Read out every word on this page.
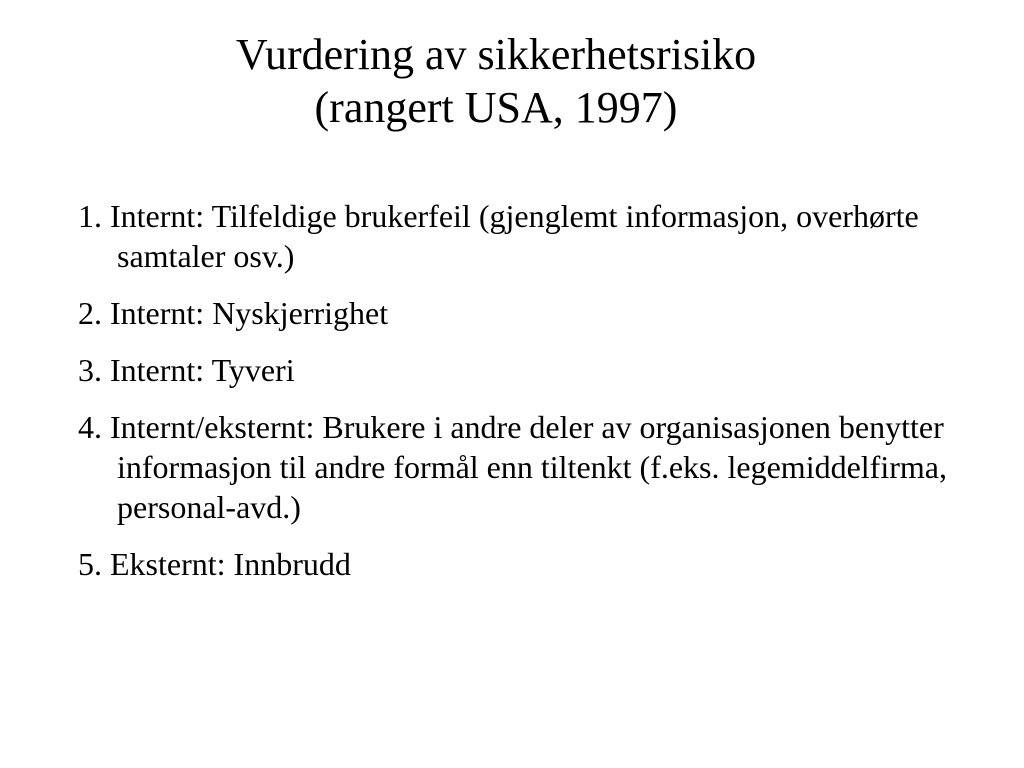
Vurdering av sikkerhetsrisiko
(rangert USA, 1997)
1. Internt: Tilfeldige brukerfeil (gjenglemt informasjon, overhørte samtaler osv.)
2. Internt: Nyskjerrighet
3. Internt: Tyveri
4. Internt/eksternt: Brukere i andre deler av organisasjonen benytter informasjon til andre formål enn tiltenkt (f.eks. legemiddelfirma, personal-avd.)
5. Eksternt: Innbrudd
